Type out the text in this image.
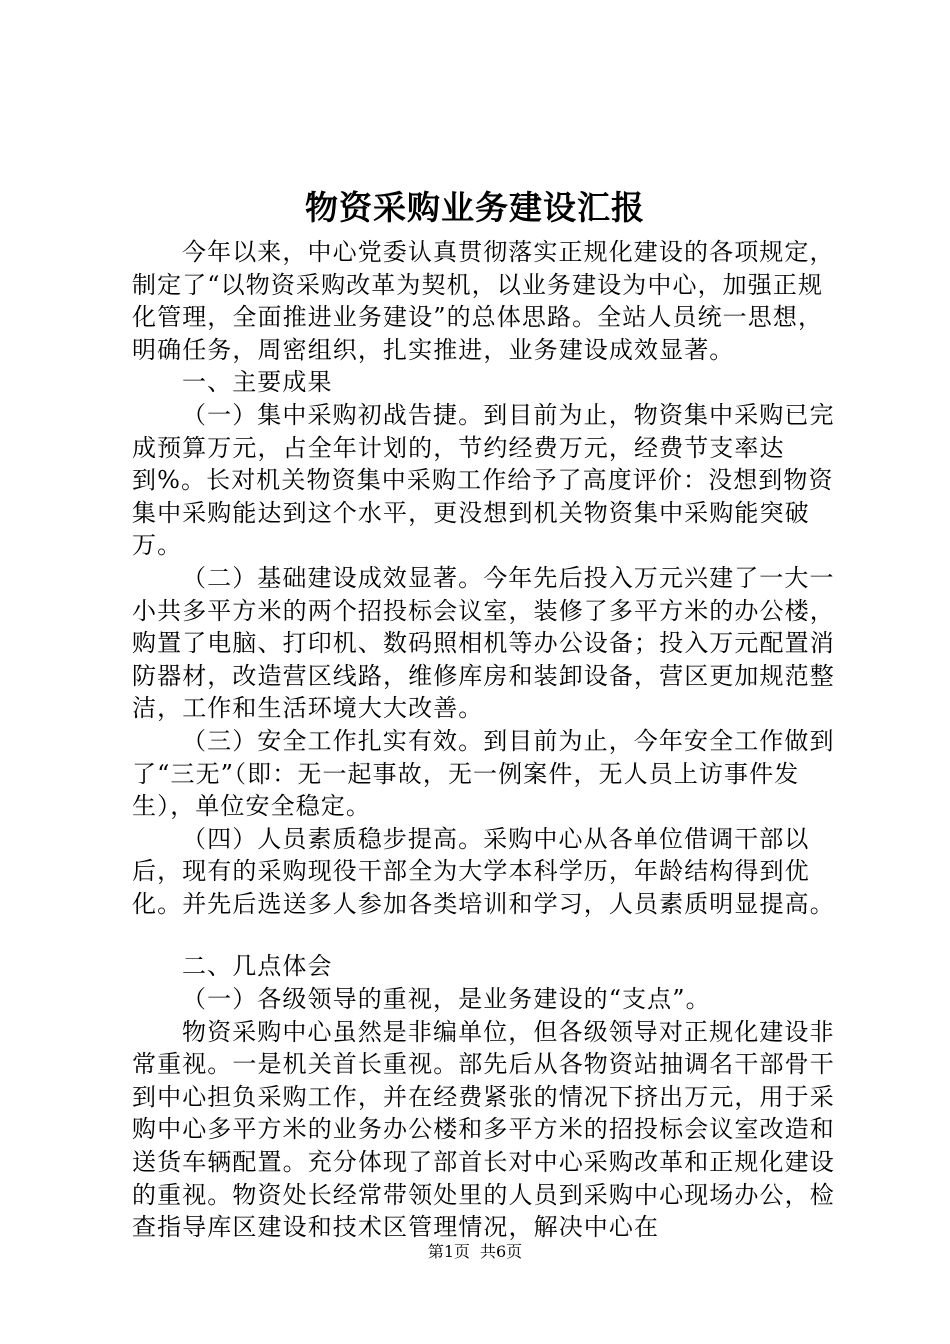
物资采购业务建设汇报

今年以来，中心党委认真贯彻落实正规化建设的各项规定，制定了“以物资采购改革为契机，以业务建设为中心，加强正规化管理，全面推进业务建设”的总体思路。全站人员统一思想，明确任务，周密组织，扎实推进，业务建设成效显著。

一、主要成果

（一）集中采购初战告捷。到目前为止，物资集中采购已完成预算万元，占全年计划的，节约经费万元，经费节支率达到%。长对机关物资集中采购工作给予了高度评价：没想到物资集中采购能达到这个水平，更没想到机关物资集中采购能突破万。

（二）基础建设成效显著。今年先后投入万元兴建了一大一小共多平方米的两个招投标会议室，装修了多平方米的办公楼，购置了电脑、打印机、数码照相机等办公设备；投入万元配置消防器材，改造营区线路，维修库房和装卸设备，营区更加规范整洁，工作和生活环境大大改善。

（三）安全工作扎实有效。到目前为止，今年安全工作做到了“三无”（即：无一起事故，无一例案件，无人员上访事件发生），单位安全稳定。

（四）人员素质稳步提高。采购中心从各单位借调干部以后，现有的采购现役干部全为大学本科学历，年龄结构得到优化。并先后选送多人参加各类培训和学习，人员素质明显提高。

二、几点体会

（一）各级领导的重视，是业务建设的“支点”。

物资采购中心虽然是非编单位，但各级领导对正规化建设非常重视。一是机关首长重视。部先后从各物资站抽调名干部骨干到中心担负采购工作，并在经费紧张的情况下挤出万元，用于采购中心多平方米的业务办公楼和多平方米的招投标会议室改造和送货车辆配置。充分体现了部首长对中心采购改革和正规化建设的重视。物资处长经常带领处里的人员到采购中心现场办公，检查指导库区建设和技术区管理情况，解决中心在

第1页 共6页
